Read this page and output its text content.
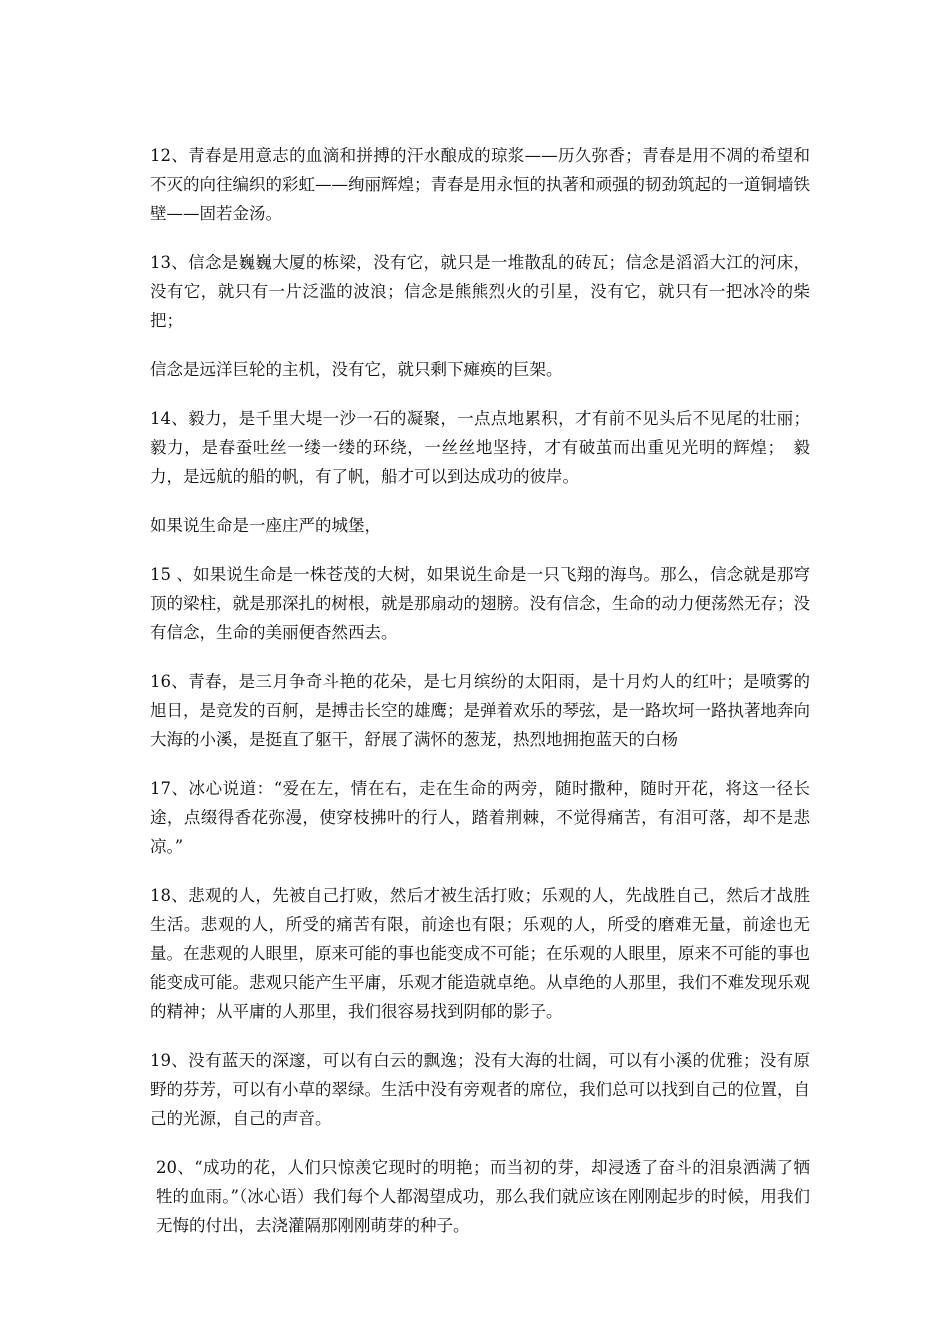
12、青春是用意志的血滴和拼搏的汗水酿成的琼浆——历久弥香；青春是用不凋的希望和不灭的向往编织的彩虹——绚丽辉煌；青春是用永恒的执著和顽强的韧劲筑起的一道铜墙铁壁——固若金汤。

13、信念是巍巍大厦的栋梁，没有它，就只是一堆散乱的砖瓦；信念是滔滔大江的河床，没有它，就只有一片泛滥的波浪；信念是熊熊烈火的引星，没有它，就只有一把冰冷的柴把；

信念是远洋巨轮的主机，没有它，就只剩下瘫痪的巨架。

14、毅力，是千里大堤一沙一石的凝聚，一点点地累积，才有前不见头后不见尾的壮丽；毅力，是春蚕吐丝一缕一缕的环绕，一丝丝地坚持，才有破茧而出重见光明的辉煌；　毅力，是远航的船的帆，有了帆，船才可以到达成功的彼岸。

如果说生命是一座庄严的城堡，

15 、如果说生命是一株苍茂的大树，如果说生命是一只飞翔的海鸟。那么，信念就是那穹顶的梁柱，就是那深扎的树根，就是那扇动的翅膀。没有信念，生命的动力便荡然无存；没有信念，生命的美丽便杳然西去。

16、青春，是三月争奇斗艳的花朵，是七月缤纷的太阳雨，是十月灼人的红叶；是喷雾的旭日，是竞发的百舸，是搏击长空的雄鹰；是弹着欢乐的琴弦，是一路坎坷一路执著地奔向大海的小溪，是挺直了躯干，舒展了满怀的葱茏，热烈地拥抱蓝天的白杨

17、冰心说道：“爱在左，情在右，走在生命的两旁，随时撒种，随时开花，将这一径长途，点缀得香花弥漫，使穿枝拂叶的行人，踏着荆棘，不觉得痛苦，有泪可落，却不是悲凉。”

18、悲观的人，先被自己打败，然后才被生活打败；乐观的人，先战胜自己，然后才战胜生活。悲观的人，所受的痛苦有限，前途也有限；乐观的人，所受的磨难无量，前途也无量。在悲观的人眼里，原来可能的事也能变成不可能；在乐观的人眼里，原来不可能的事也能变成可能。悲观只能产生平庸，乐观才能造就卓绝。从卓绝的人那里，我们不难发现乐观的精神；从平庸的人那里，我们很容易找到阴郁的影子。

19、没有蓝天的深邃，可以有白云的飘逸；没有大海的壮阔，可以有小溪的优雅；没有原野的芬芳，可以有小草的翠绿。生活中没有旁观者的席位，我们总可以找到自己的位置，自己的光源，自己的声音。

20、“成功的花，人们只惊羡它现时的明艳；而当初的芽，却浸透了奋斗的泪泉洒满了牺牲的血雨。”（冰心语）我们每个人都渴望成功，那么我们就应该在刚刚起步的时候，用我们无悔的付出，去浇灌隔那刚刚萌芽的种子。
